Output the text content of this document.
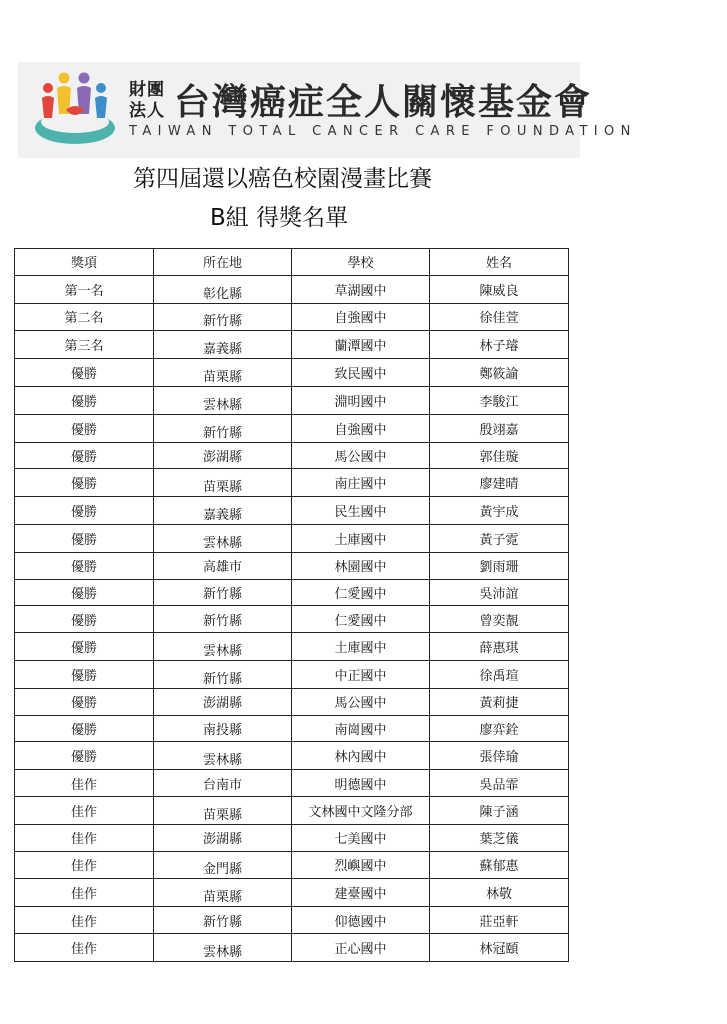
財團法人 台灣癌症全人關懷基金會
TAIWAN TOTAL CANCER CARE FOUNDATION
第四屆還以癌色校園漫畫比賽
B組 得獎名單
獎項	所在地	學校	姓名
第一名	彰化縣	草湖國中	陳威良
第二名	新竹縣	自強國中	徐佳萱
第三名	嘉義縣	蘭潭國中	林子璿
優勝	苗栗縣	致民國中	鄭筱諭
優勝	雲林縣	淵明國中	李駿江
優勝	新竹縣	自強國中	殷翊嘉
優勝	澎湖縣	馬公國中	郭佳璇
優勝	苗栗縣	南庄國中	廖建晴
優勝	嘉義縣	民生國中	黃宇成
優勝	雲林縣	土庫國中	黃子霓
優勝	高雄市	林園國中	劉雨珊
優勝	新竹縣	仁愛國中	吳沛誼
優勝	新竹縣	仁愛國中	曾奕靚
優勝	雲林縣	土庫國中	薛惠琪
優勝	新竹縣	中正國中	徐禹瑄
優勝	澎湖縣	馬公國中	黃莉捷
優勝	南投縣	南崗國中	廖弈銓
優勝	雲林縣	林內國中	張倖瑜
佳作	台南市	明德國中	吳品霏
佳作	苗栗縣	文林國中文隆分部	陳子涵
佳作	澎湖縣	七美國中	葉芝儀
佳作	金門縣	烈嶼國中	蘇郁惠
佳作	苗栗縣	建臺國中	林敬
佳作	新竹縣	仰德國中	莊亞軒
佳作	雲林縣	正心國中	林冠頤
